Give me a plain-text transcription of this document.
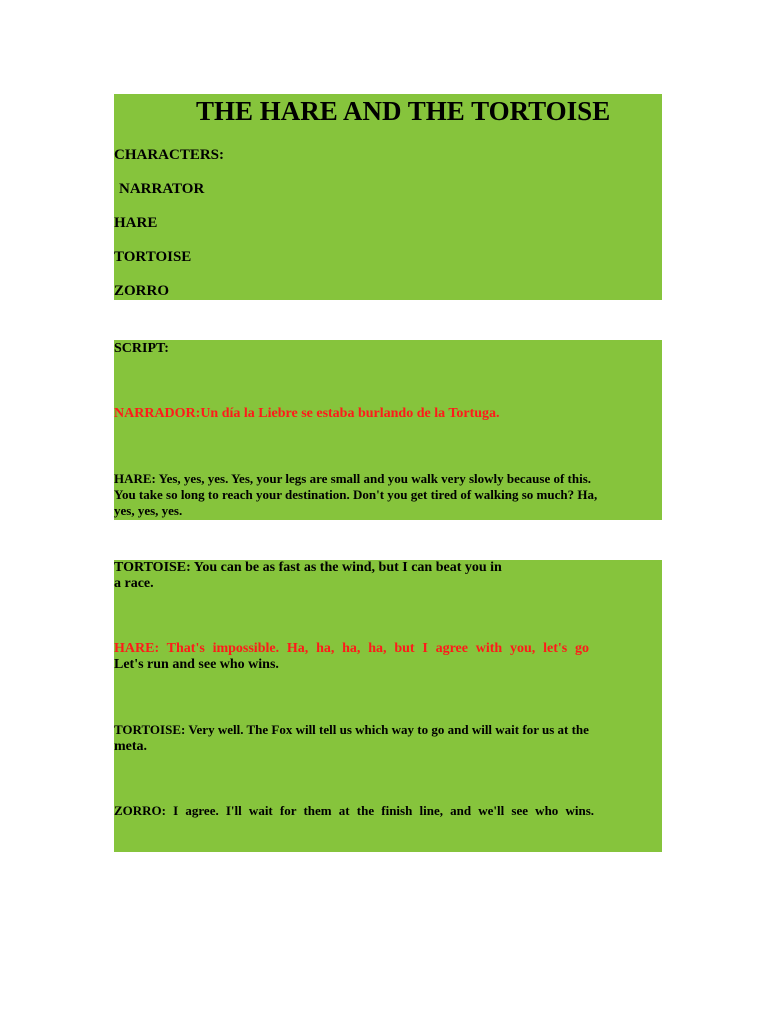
THE HARE AND THE TORTOISE
CHARACTERS:
NARRATOR
HARE
TORTOISE
ZORRO
SCRIPT:
NARRADOR:Un día la Liebre se estaba burlando de la Tortuga.
HARE: Yes, yes, yes. Yes, your legs are small and you walk very slowly because of this.
You take so long to reach your destination. Don't you get tired of walking so much? Ha,
yes, yes, yes.
TORTOISE: You can be as fast as the wind, but I can beat you in
a race.
HARE: That's impossible. Ha, ha, ha, ha, but I agree with you, let's go
Let's run and see who wins.
TORTOISE: Very well. The Fox will tell us which way to go and will wait for us at the
meta.
ZORRO: I agree. I'll wait for them at the finish line, and we'll see who wins.
